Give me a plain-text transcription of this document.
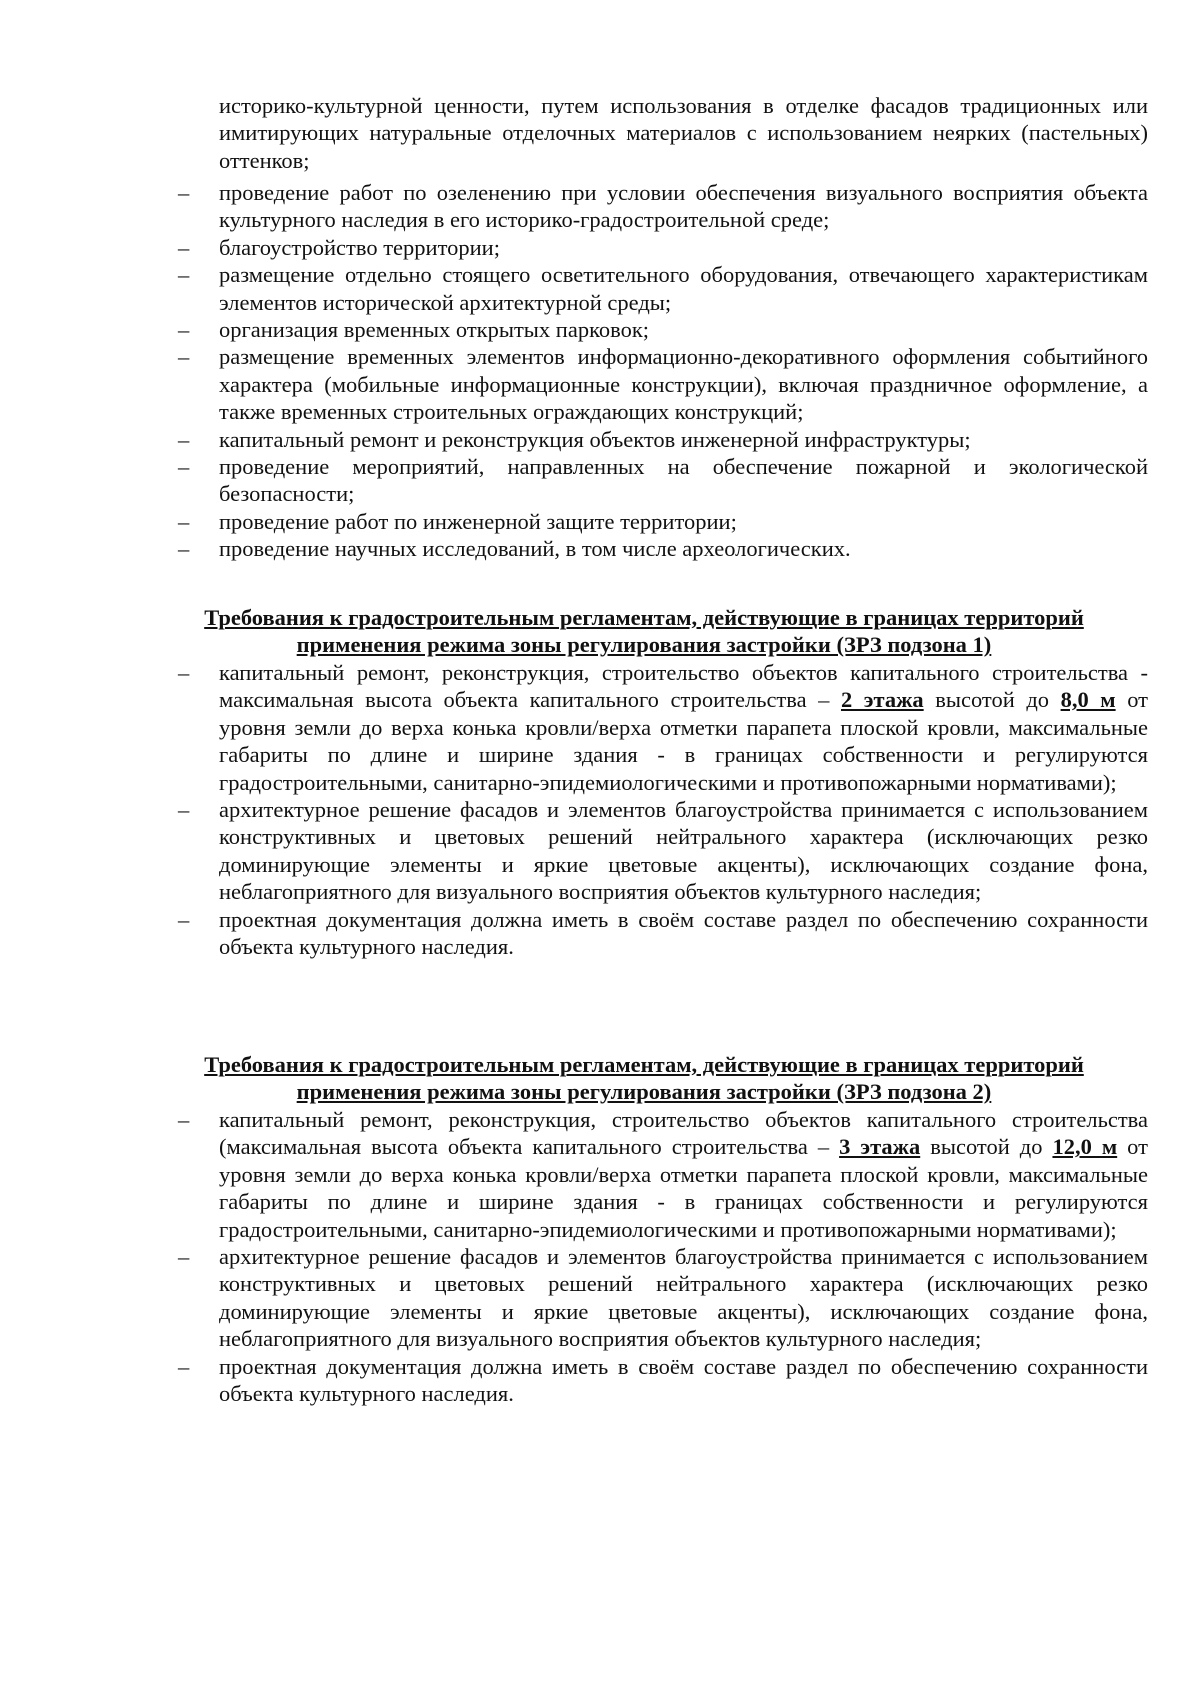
историко-культурной ценности, путем использования в отделке фасадов традиционных или имитирующих натуральные отделочных материалов с использованием неярких (пастельных) оттенков;
– проведение работ по озеленению при условии обеспечения визуального восприятия объекта культурного наследия в его историко-градостроительной среде;
– благоустройство территории;
– размещение отдельно стоящего осветительного оборудования, отвечающего характеристикам элементов исторической архитектурной среды;
– организация временных открытых парковок;
– размещение временных элементов информационно-декоративного оформления событийного характера (мобильные информационные конструкции), включая праздничное оформление, а также временных строительных ограждающих конструкций;
– капитальный ремонт и реконструкция объектов инженерной инфраструктуры;
– проведение мероприятий, направленных на обеспечение пожарной и экологической безопасности;
– проведение работ по инженерной защите территории;
– проведение научных исследований, в том числе археологических.
Требования к градостроительным регламентам, действующие в границах территорий
применения режима зоны регулирования застройки (ЗРЗ подзона 1)
– капитальный ремонт, реконструкция, строительство объектов капитального строительства - максимальная высота объекта капитального строительства – 2 этажа высотой до 8,0 м от уровня земли до верха конька кровли/верха отметки парапета плоской кровли, максимальные габариты по длине и ширине здания - в границах собственности и регулируются градостроительными, санитарно-эпидемиологическими и противопожарными нормативами);
– архитектурное решение фасадов и элементов благоустройства принимается с использованием конструктивных и цветовых решений нейтрального характера (исключающих резко доминирующие элементы и яркие цветовые акценты), исключающих создание фона, неблагоприятного для визуального восприятия объектов культурного наследия;
– проектная документация должна иметь в своём составе раздел по обеспечению сохранности объекта культурного наследия.
Требования к градостроительным регламентам, действующие в границах территорий
применения режима зоны регулирования застройки (ЗРЗ подзона 2)
– капитальный ремонт, реконструкция, строительство объектов капитального строительства (максимальная высота объекта капитального строительства – 3 этажа высотой до 12,0 м от уровня земли до верха конька кровли/верха отметки парапета плоской кровли, максимальные габариты по длине и ширине здания - в границах собственности и регулируются градостроительными, санитарно-эпидемиологическими и противопожарными нормативами);
– архитектурное решение фасадов и элементов благоустройства принимается с использованием конструктивных и цветовых решений нейтрального характера (исключающих резко доминирующие элементы и яркие цветовые акценты), исключающих создание фона, неблагоприятного для визуального восприятия объектов культурного наследия;
– проектная документация должна иметь в своём составе раздел по обеспечению сохранности объекта культурного наследия.
